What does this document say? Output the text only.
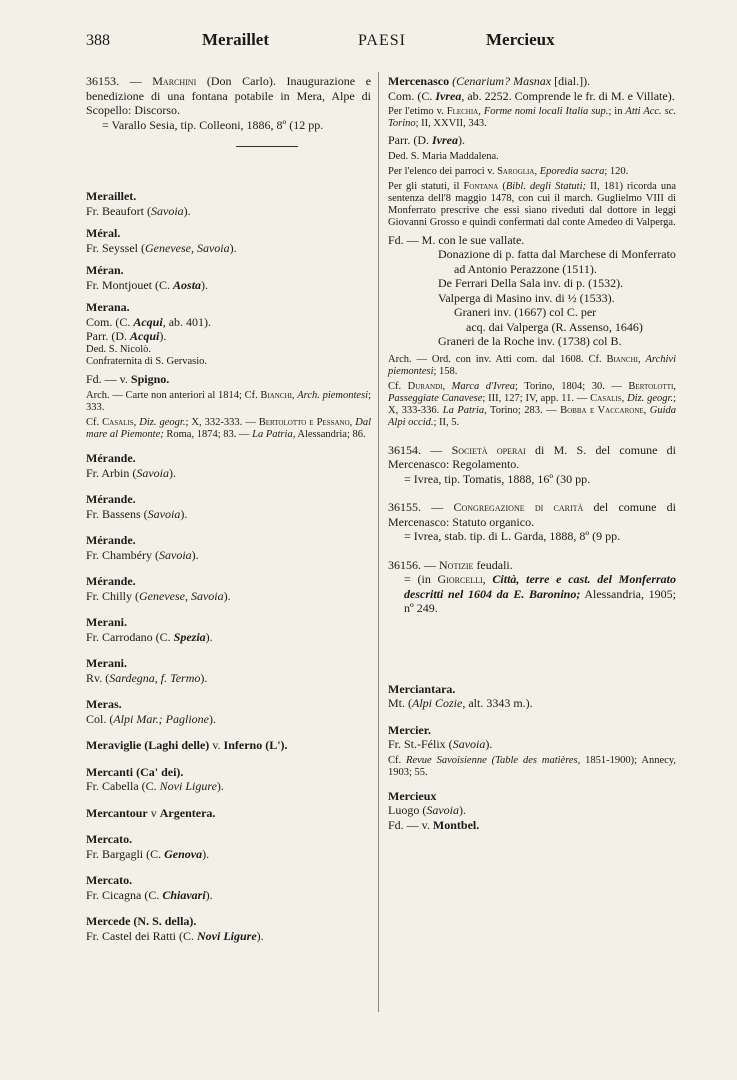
388	Meraillet	PAESI	Mercieux
36153. — Marchini (Don Carlo). Inaugurazione e benedizione di una fontana potabile in Mera, Alpe di Scopello: Discorso.
= Varallo Sesia, tip. Colleoni, 1886, 8º (12 pp.
Meraillet.
Fr. Beaufort (Savoia).
Méral.
Fr. Seyssel (Genevese, Savoia).
Méran.
Fr. Montjouet (C. Aosta).
Merana.
Com. (C. Acqui, ab. 401).
Parr. (D. Acqui).
Ded. S. Nicolò.
Confraternita di S. Gervasio.
Fd. — v. Spigno.
Arch. — Carte non anteriori al 1814; Cf. Bianchi, Arch. piemontesi; 333.
Cf. Casalis, Diz. geogr.; X, 332-333. — Bertolotto e Pessano, Dal mare al Piemonte; Roma, 1874; 83. — La Patria, Alessandria; 86.
Mérande.
Fr. Arbin (Savoia).
Mérande.
Fr. Bassens (Savoia).
Mérande.
Fr. Chambéry (Savoia).
Mérande.
Fr. Chilly (Genevese, Savoia).
Merani.
Fr. Carrodano (C. Spezia).
Merani.
Rv. (Sardegna, f. Termo).
Meras.
Col. (Alpi Mar.; Paglione).
Meraviglie (Laghi delle) v. Inferno (L').
Mercanti (Ca' dei).
Fr. Cabella (C. Novi Ligure).
Mercantour v Argentera.
Mercato.
Fr. Bargagli (C. Genova).
Mercato.
Fr. Cicagna (C. Chiavari).
Mercede (N. S. della).
Fr. Castel dei Ratti (C. Novi Ligure).
Mercenasco (Cenarium? Masnax [dial.]).
Com. (C. Ivrea, ab. 2252. Comprende le fr. di M. e Villate).
Per l'etimo v. Flechia, Forme nomi locali Italia sup.; in Atti Acc. sc. Torino; II, XXVII, 343.
Parr. (D. Ivrea).
Ded. S. Maria Maddalena.
Per l'elenco dei parroci v. Saroglia, Eporedia sacra; 120.
Per gli statuti, il Fontana (Bibl. degli Statuti; II, 181) ricorda una sentenza dell'8 maggio 1478, con cui il march. Guglielmo VIII di Monferrato prescrive che essi siano riveduti dal dottore in leggi Giovanni Grosso e quindi confermati dal conte Amedeo di Valperga.
Fd. — M. con le sue vallate.
Donazione di p. fatta dal Marchese di Monferrato ad Antonio Perazzone (1511).
De Ferrari Della Sala inv. di p. (1532).
Valperga di Masino inv. di ½ (1533).
Graneri inv. (1667) col C. per
acq. dai Valperga (R. Assenso, 1646)
Graneri de la Roche inv. (1738) col B.
Arch. — Ord. con inv. Atti com. dal 1608. Cf. Bianchi, Archivi piemontesi; 158.
Cf. Durandi, Marca d'Ivrea; Torino, 1804; 30. — Bertolotti, Passeggiate Canavese; III, 127; IV, app. 11. — Casalis, Diz. geogr.; X, 333-336. La Patria, Torino; 283. — Bobba e Vaccarone, Guida Alpi occid.; II, 5.
36154. — Società operai di M. S. del comune di Mercenasco: Regolamento.
= Ivrea, tip. Tomatis, 1888, 16º (30 pp.
36155. — Congregazione di carità del comune di Mercenasco: Statuto organico.
= Ivrea, stab. tip. di L. Garda, 1888, 8º (9 pp.
36156. — Notizie feudali.
= (in Giorcelli, Città, terre e cast. del Monferrato descritti nel 1604 da E. Baronino; Alessandria, 1905; nº 249.
Merciantara.
Mt. (Alpi Cozie, alt. 3343 m.).
Mercier.
Fr. St.-Félix (Savoia).
Cf. Revue Savoisienne (Table des matières, 1851-1900); Annecy, 1903; 55.
Mercieux
Luogo (Savoia).
Fd. — v. Montbel.
